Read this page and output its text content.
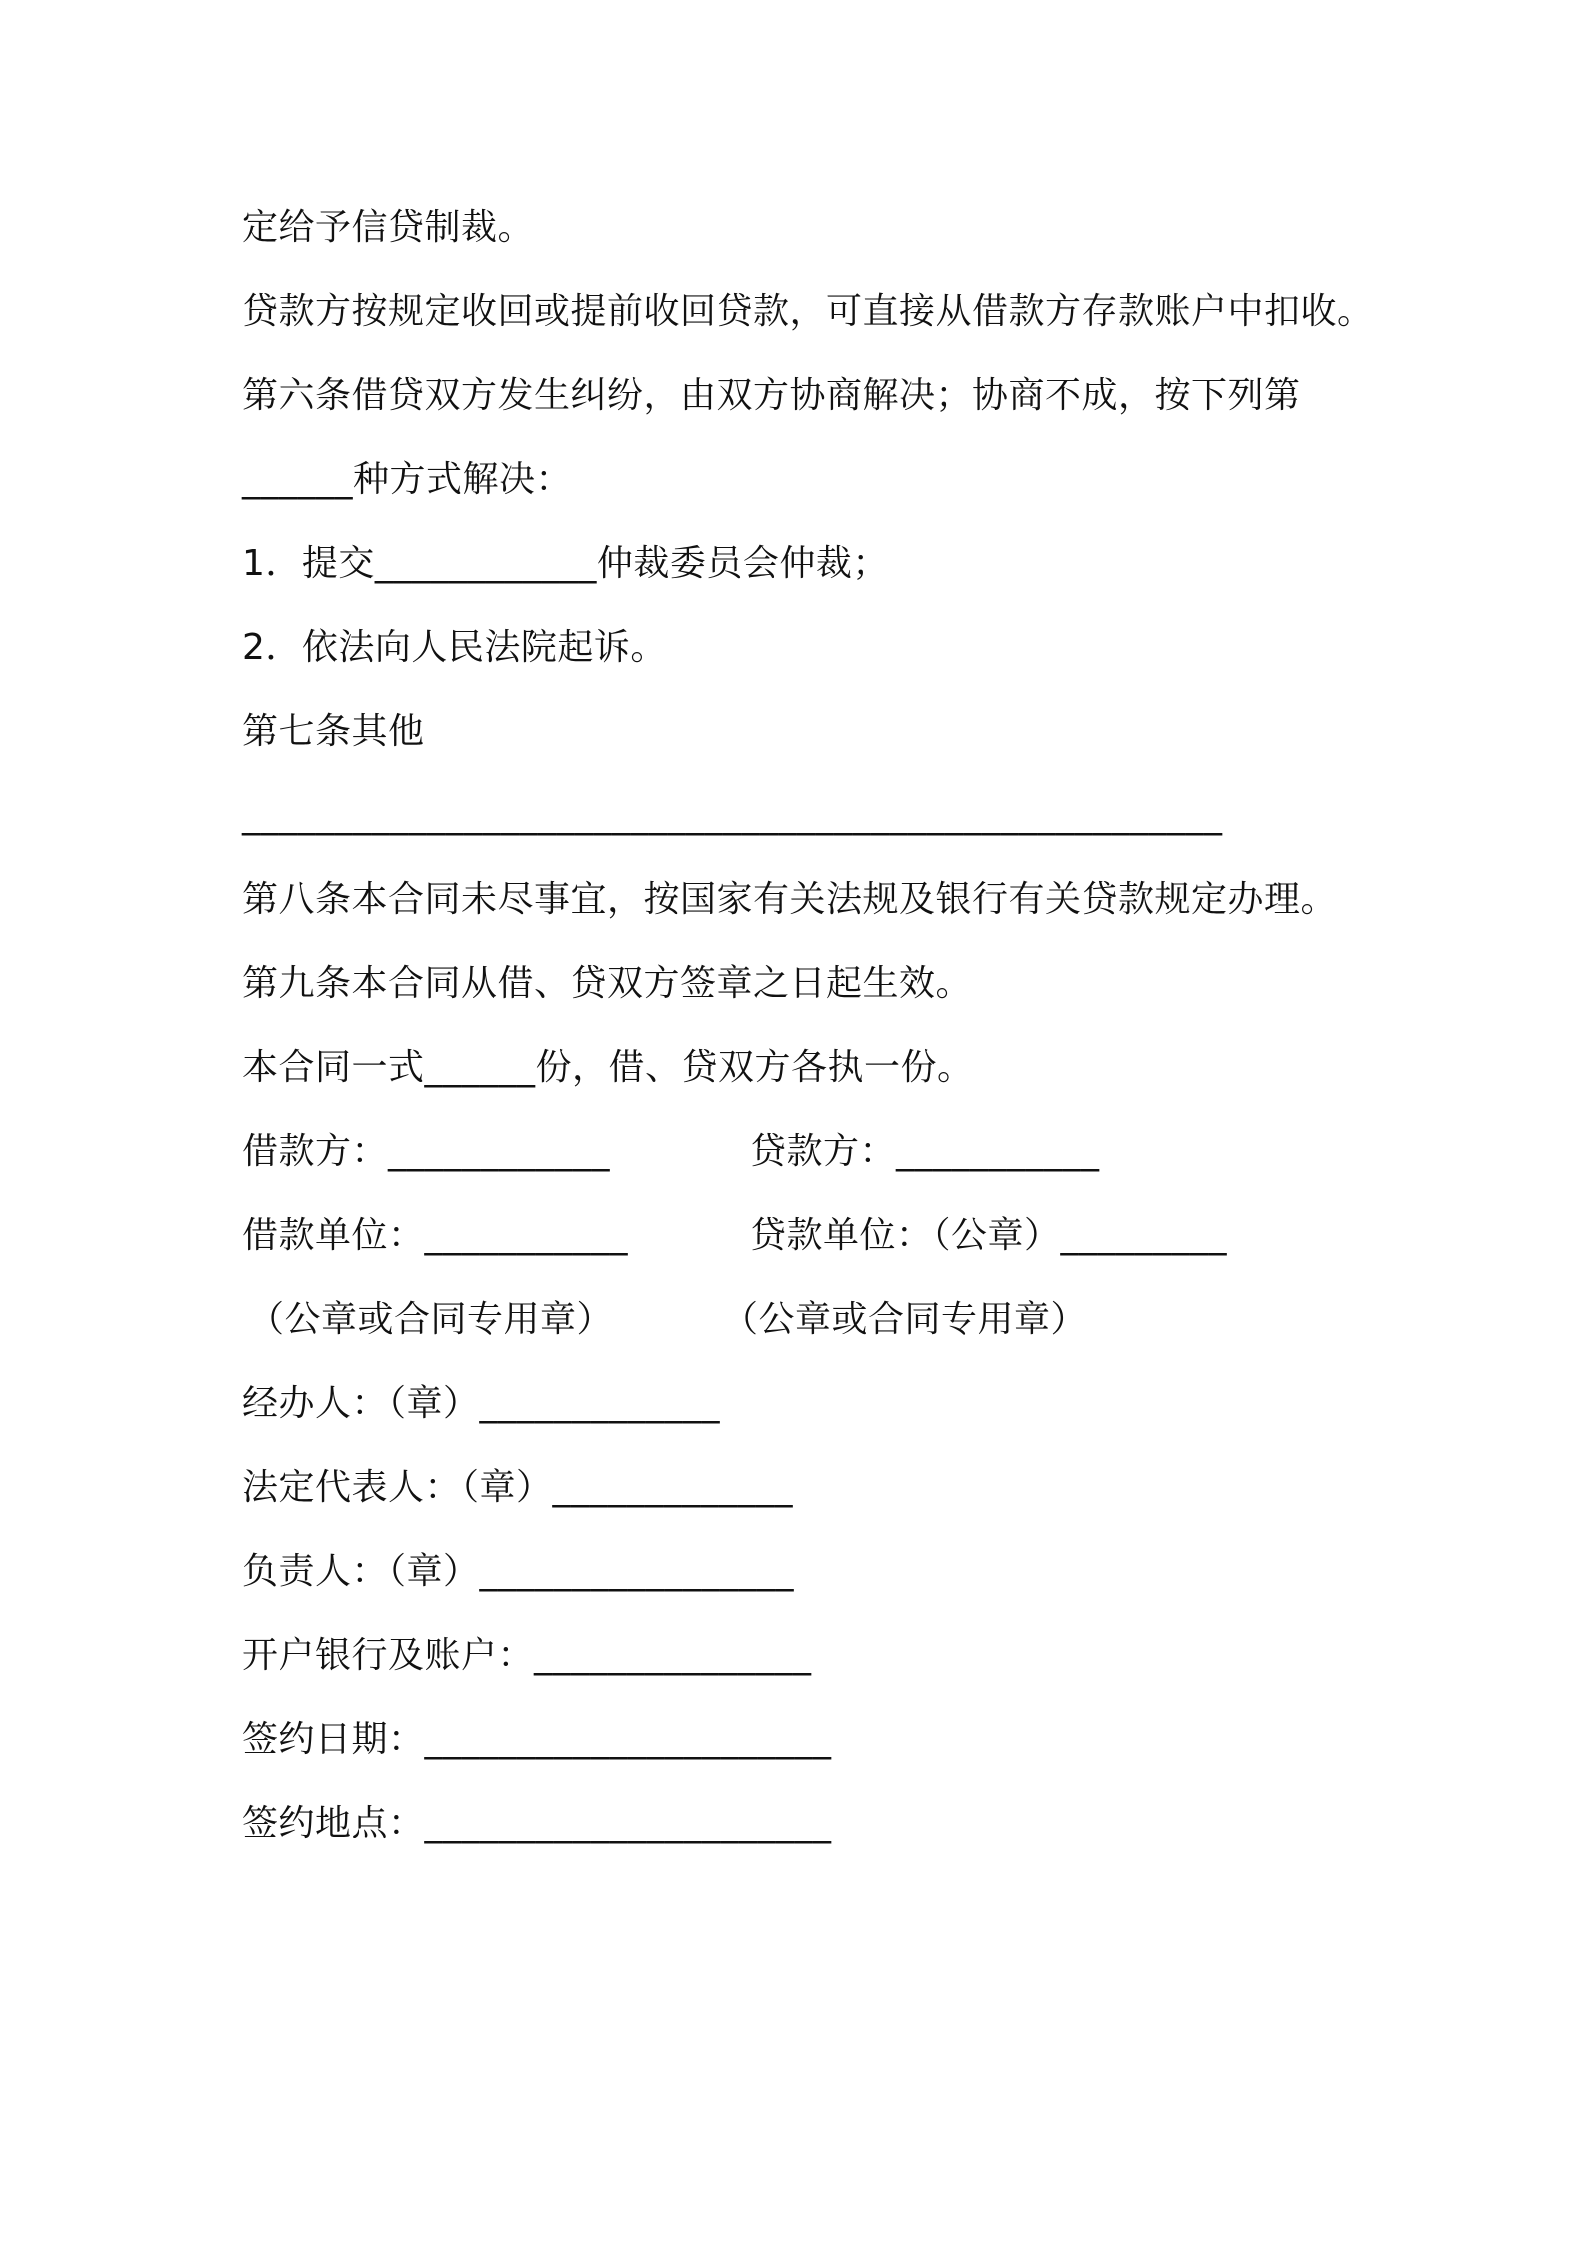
定给予信贷制裁。
贷款方按规定收回或提前收回贷款，可直接从借款方存款账户中扣收。
第六条借贷双方发生纠纷，由双方协商解决；协商不成，按下列第
______种方式解决：
1．提交____________仲裁委员会仲裁；
2．依法向人民法院起诉。
第七条其他
_____________________________________________________
第八条本合同未尽事宜，按国家有关法规及银行有关贷款规定办理。
第九条本合同从借、贷双方签章之日起生效。
本合同一式______份，借、贷双方各执一份。
借款方：____________	贷款方：___________
借款单位：___________	贷款单位：（公章）_________
（公章或合同专用章）	（公章或合同专用章）
经办人：（章）_____________
法定代表人：（章）_____________
负责人：（章）_________________
开户银行及账户：_______________
签约日期：______________________
签约地点：______________________
